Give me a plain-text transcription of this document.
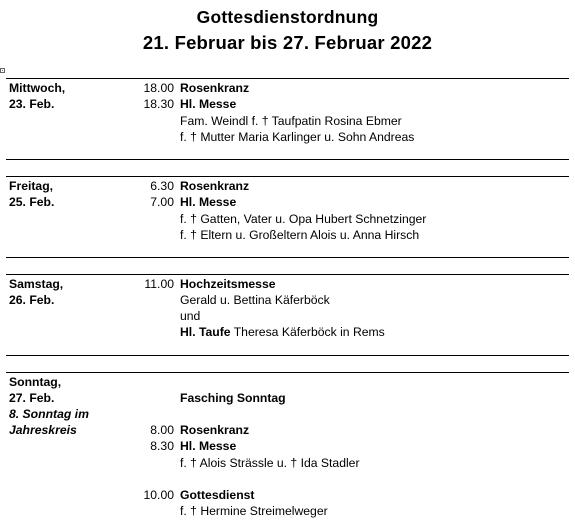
Gottesdienstordnung
21. Februar bis 27. Februar 2022
Mittwoch,
23. Feb.
18.00 Rosenkranz
18.30 Hl. Messe
Fam. Weindl f. † Taufpatin Rosina Ebmer
f. † Mutter Maria Karlinger u. Sohn Andreas
Freitag,
25. Feb.
6.30 Rosenkranz
7.00 Hl. Messe
f. † Gatten, Vater u. Opa Hubert Schnetzinger
f. † Eltern u. Großeltern Alois u. Anna Hirsch
Samstag,
26. Feb.
11.00 Hochzeitsmesse
Gerald u. Bettina Käferböck
und
Hl. Taufe Theresa Käferböck in Rems
Sonntag,
27. Feb.
8. Sonntag im
Jahreskreis
Fasching Sonntag
8.00 Rosenkranz
8.30 Hl. Messe
f. † Alois Strässle u. † Ida Stadler
10.00 Gottesdienst
f. † Hermine Streimelweger
